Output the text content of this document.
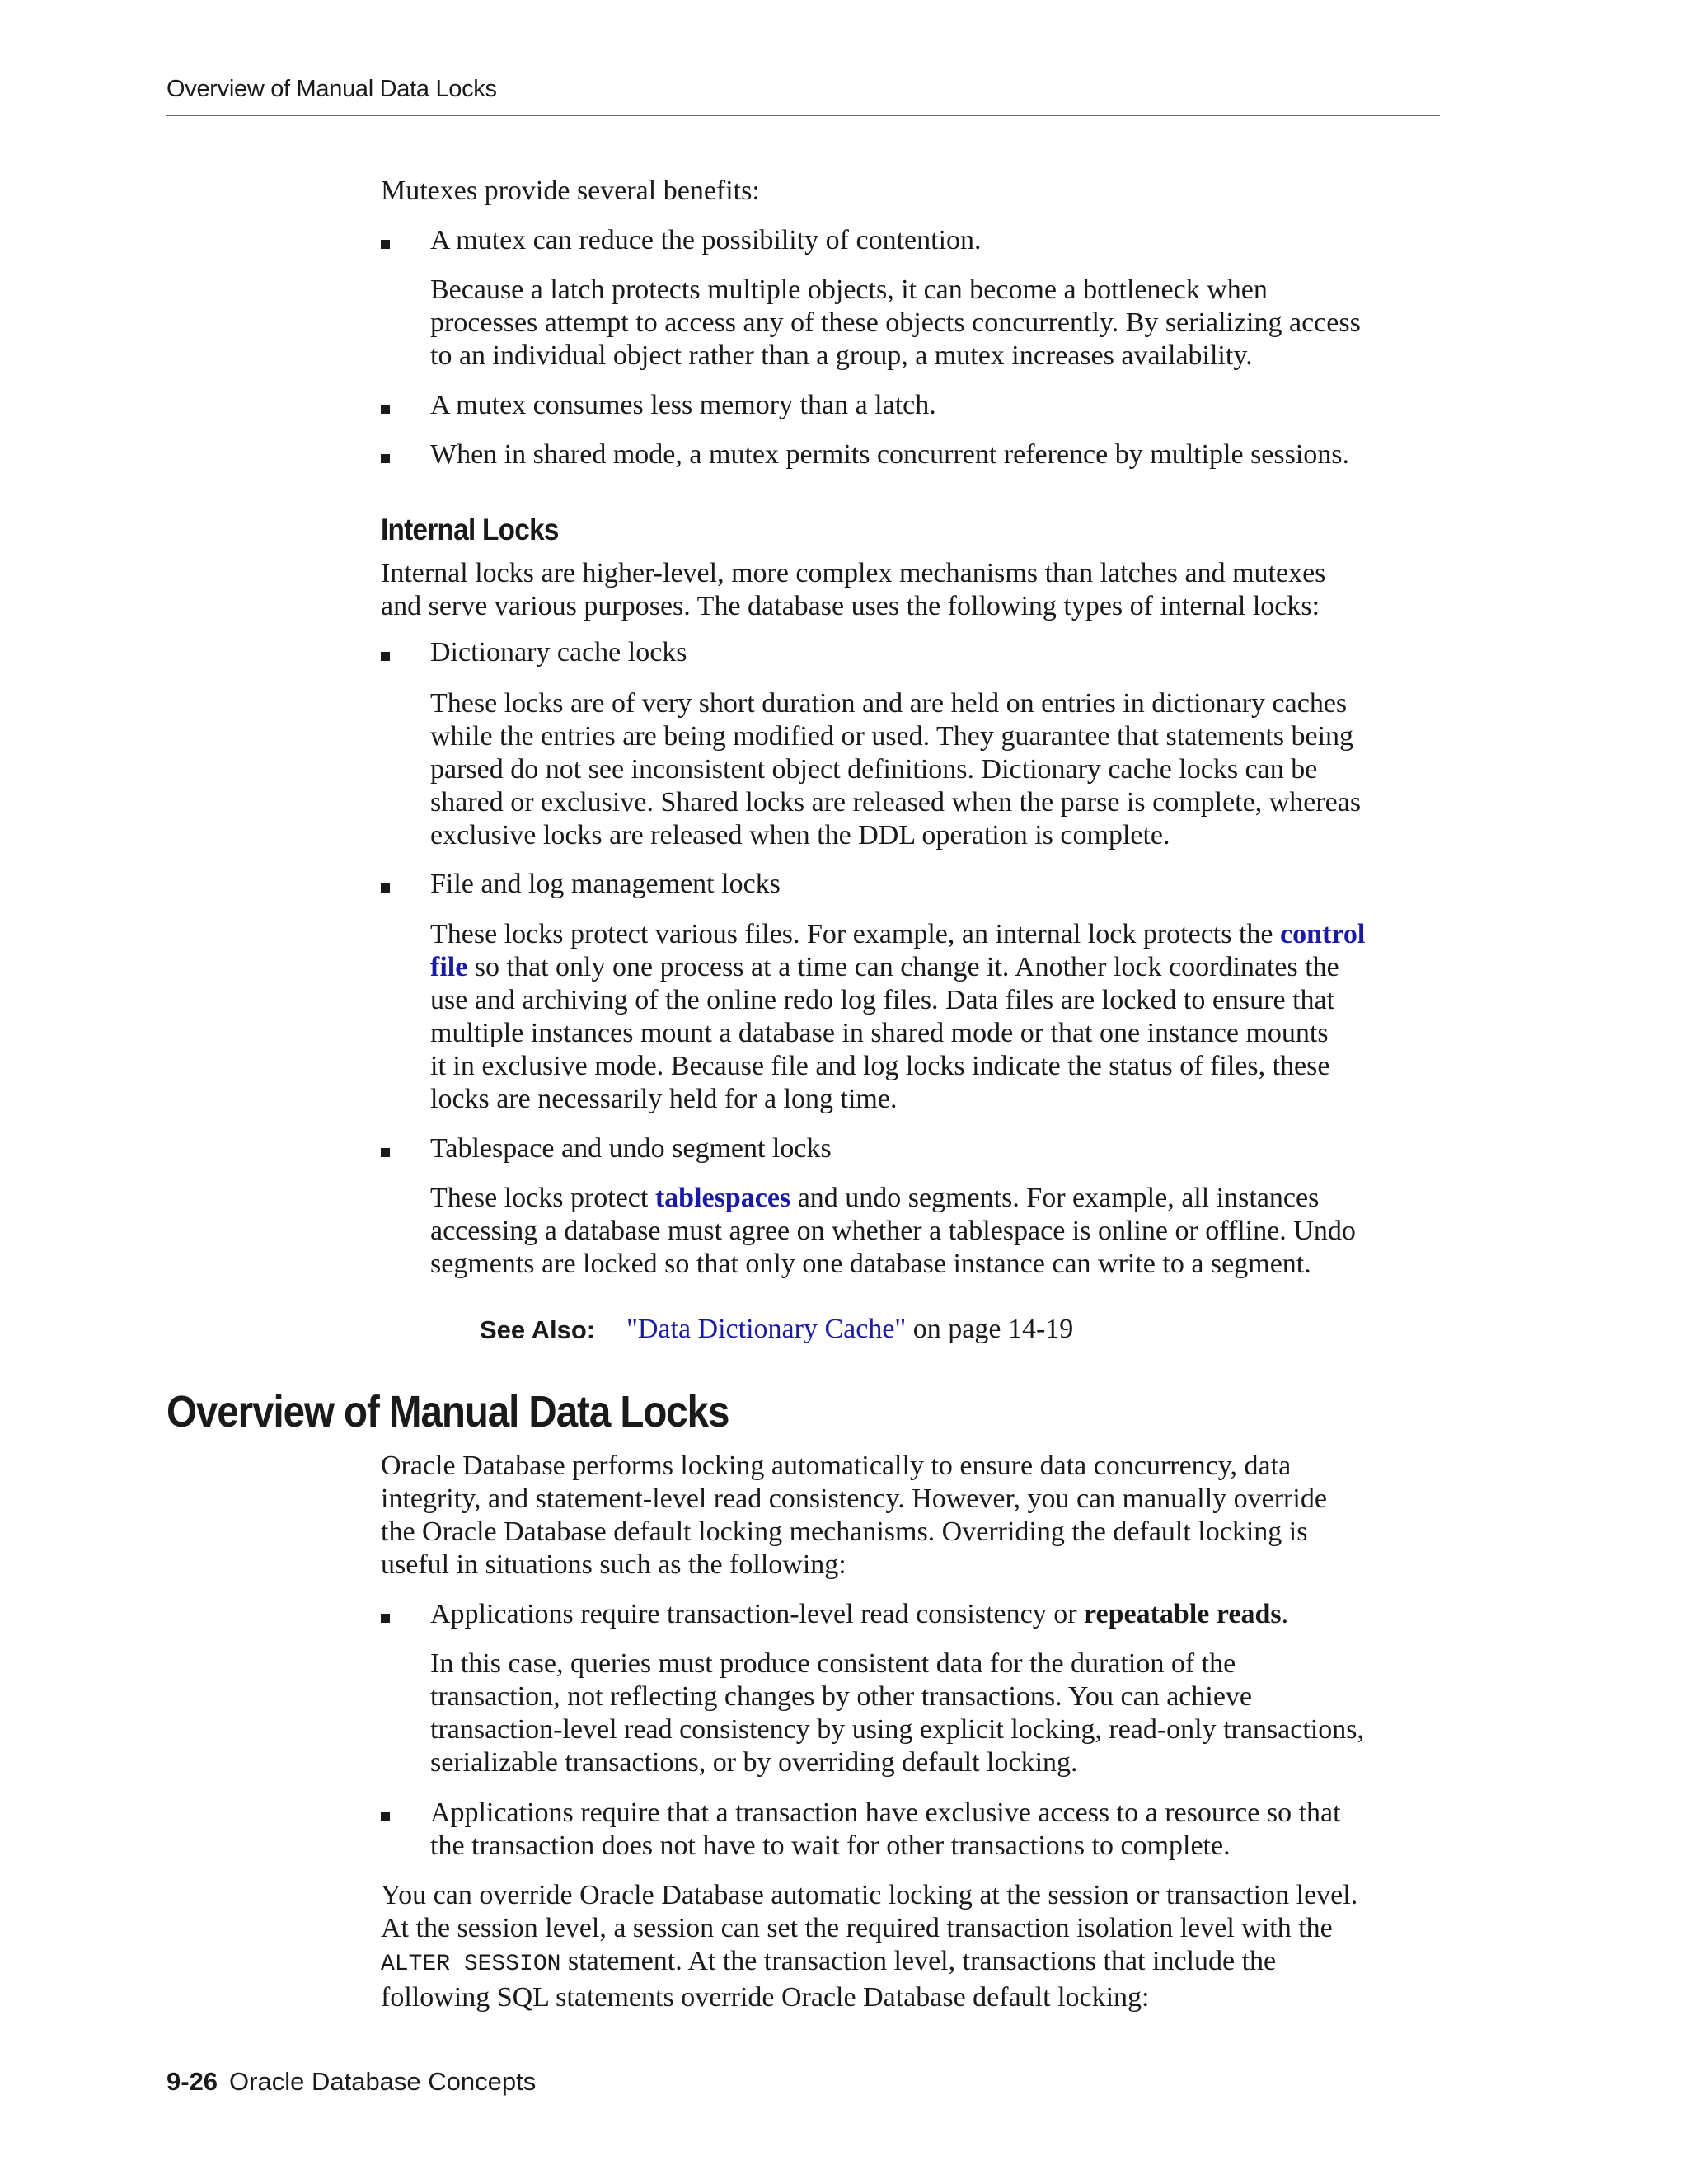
Overview of Manual Data Locks

Mutexes provide several benefits:

A mutex can reduce the possibility of contention.

Because a latch protects multiple objects, it can become a bottleneck when
processes attempt to access any of these objects concurrently. By serializing access
to an individual object rather than a group, a mutex increases availability.

A mutex consumes less memory than a latch.

When in shared mode, a mutex permits concurrent reference by multiple sessions.

Internal Locks
Internal locks are higher-level, more complex mechanisms than latches and mutexes
and serve various purposes. The database uses the following types of internal locks:

Dictionary cache locks

These locks are of very short duration and are held on entries in dictionary caches
while the entries are being modified or used. They guarantee that statements being
parsed do not see inconsistent object definitions. Dictionary cache locks can be
shared or exclusive. Shared locks are released when the parse is complete, whereas
exclusive locks are released when the DDL operation is complete.

File and log management locks

These locks protect various files. For example, an internal lock protects the control
file so that only one process at a time can change it. Another lock coordinates the
use and archiving of the online redo log files. Data files are locked to ensure that
multiple instances mount a database in shared mode or that one instance mounts
it in exclusive mode. Because file and log locks indicate the status of files, these
locks are necessarily held for a long time.

Tablespace and undo segment locks

These locks protect tablespaces and undo segments. For example, all instances
accessing a database must agree on whether a tablespace is online or offline. Undo
segments are locked so that only one database instance can write to a segment.
See Also: "Data Dictionary Cache" on page 14-19
Overview of Manual Data Locks
Oracle Database performs locking automatically to ensure data concurrency, data
integrity, and statement-level read consistency. However, you can manually override
the Oracle Database default locking mechanisms. Overriding the default locking is
useful in situations such as the following:

Applications require transaction-level read consistency or repeatable reads.

In this case, queries must produce consistent data for the duration of the
transaction, not reflecting changes by other transactions. You can achieve
transaction-level read consistency by using explicit locking, read-only transactions,
serializable transactions, or by overriding default locking.
Applications require that a transaction have exclusive access to a resource so that
the transaction does not have to wait for other transactions to complete.
You can override Oracle Database automatic locking at the session or transaction level.
At the session level, a session can set the required transaction isolation level with the
ALTER SESSION statement. At the transaction level, transactions that include the
following SQL statements override Oracle Database default locking:
9-26 Oracle Database Concepts
